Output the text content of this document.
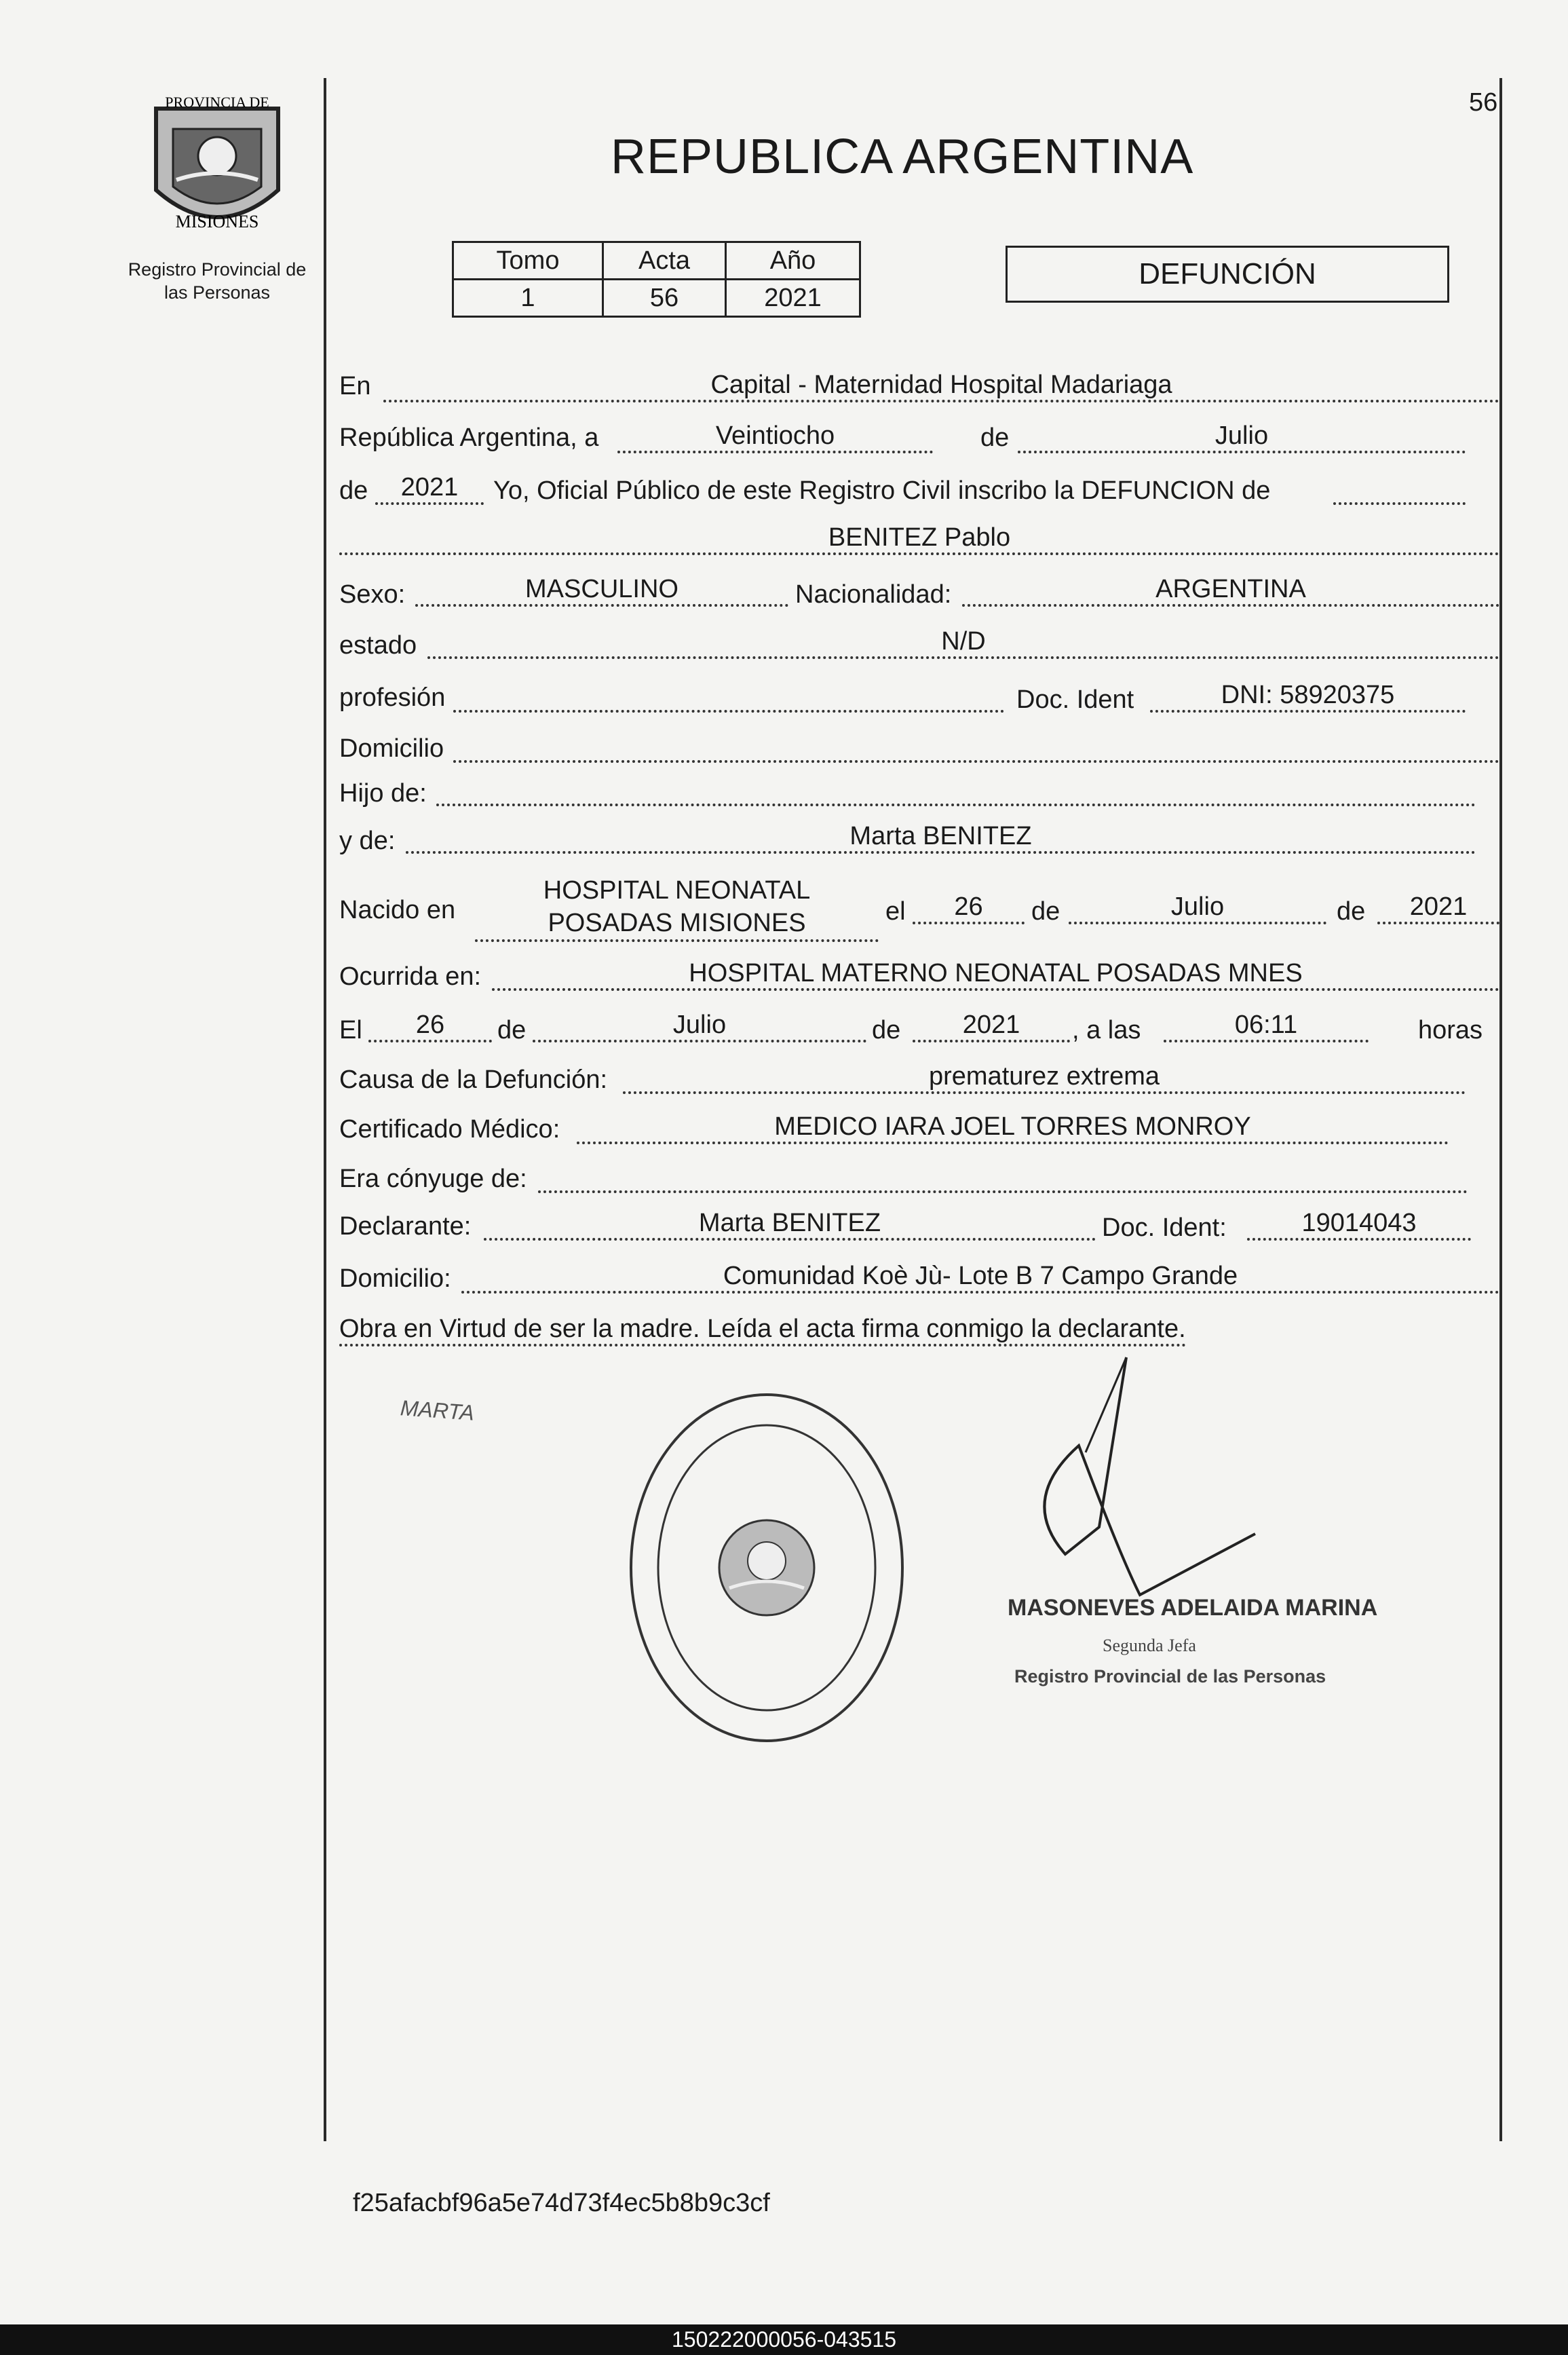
56
PROVINCIA DE
MISIONES
Registro Provincial de las Personas
REPUBLICA ARGENTINA
Tomo	Acta	Año
1	56	2021
DEFUNCIÓN
En	Capital - Maternidad Hospital Madariaga
República Argentina, a	Veintiocho	de	Julio
de	2021	Yo, Oficial Público de este Registro Civil inscribo la DEFUNCION de
BENITEZ Pablo
Sexo:	MASCULINO	Nacionalidad:	ARGENTINA
estado	N/D
profesión	Doc. Ident	DNI: 58920375
Domicilio
Hijo de:
y de:	Marta BENITEZ
Nacido en
HOSPITAL NEONATAL
POSADAS MISIONES	el	26	de	Julio	de	2021
Ocurrida en:	HOSPITAL MATERNO NEONATAL POSADAS MNES
El	26	de	Julio	de	2021	, a las	06:11	horas
Causa de la Defunción:	prematurez extrema
Certificado Médico:	MEDICO IARA JOEL TORRES MONROY
Era cónyuge de:
Declarante:	Marta BENITEZ	Doc. Ident:	19014043
Domicilio:	Comunidad Koè Jù- Lote B 7 Campo Grande
Obra en Virtud de ser la madre. Leída el acta firma conmigo la declarante.
MARTA
MASONEVES ADELAIDA MARINA
Segunda Jefa
Registro Provincial de las Personas
f25afacbf96a5e74d73f4ec5b8b9c3cf
150222000056-043515
